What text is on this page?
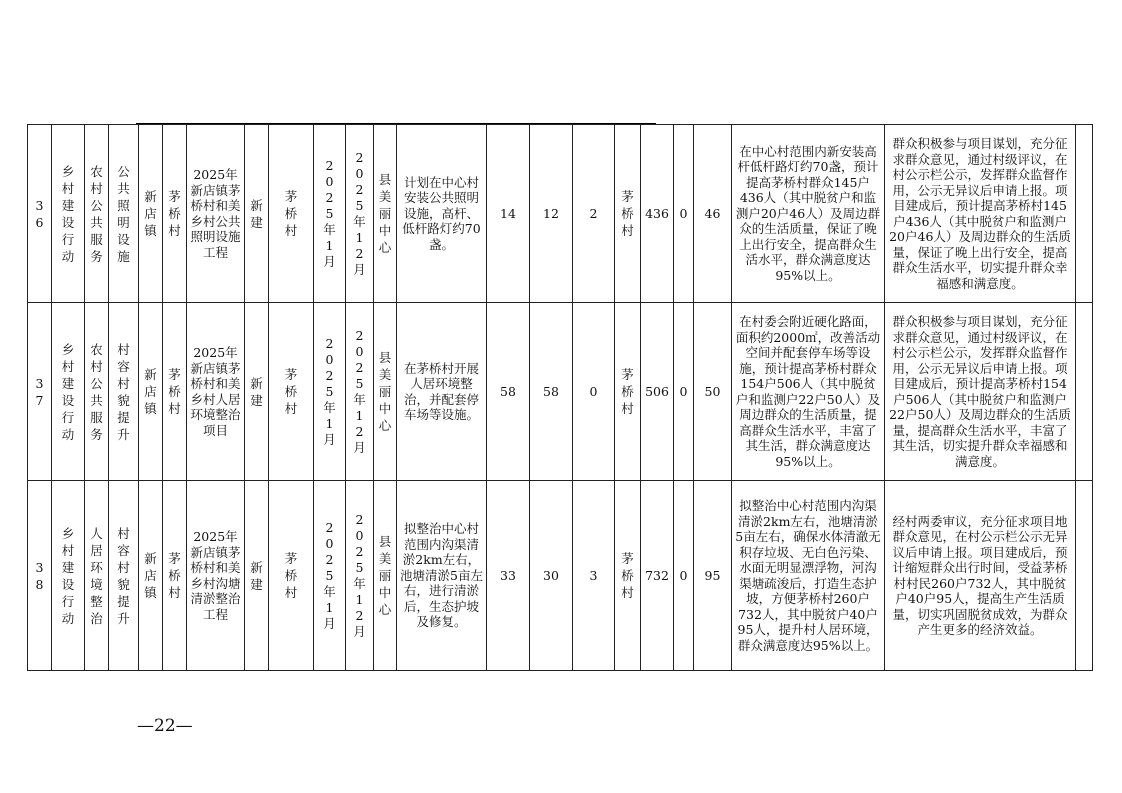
36	乡村建设行动	农村公共服务	公共照明设施	新店镇	茅桥村	2025年新店镇茅桥村和美乡村公共照明设施工程	新建	茅桥村	2025年1月	2025年12月	县美丽中心	计划在中心村安装公共照明设施，高杆、低杆路灯约70盏。	14	12	2	茅桥村	436	0	46	在中心村范围内新安装高杆低杆路灯约70盏，预计提高茅桥村群众145户436人（其中脱贫户和监测户20户46人）及周边群众的生活质量，保证了晚上出行安全，提高群众生活水平，群众满意度达95%以上。	群众积极参与项目谋划，充分征求群众意见，通过村级评议，在村公示栏公示，发挥群众监督作用，公示无异议后申请上报。项目建成后，预计提高茅桥村145户436人（其中脱贫户和监测户20户46人）及周边群众的生活质量，保证了晚上出行安全，提高群众生活水平，切实提升群众幸福感和满意度。	

37	乡村建设行动	农村公共服务	村容村貌提升	新店镇	茅桥村	2025年新店镇茅桥村和美乡村人居环境整治项目	新建	茅桥村	2025年1月	2025年12月	县美丽中心	在茅桥村开展人居环境整治，并配套停车场等设施。	58	58	0	茅桥村	506	0	50	在村委会附近硬化路面，面积约2000㎡，改善活动空间并配套停车场等设施，预计提高茅桥村群众154户506人（其中脱贫户和监测户22户50人）及周边群众的生活质量，提高群众生活水平，丰富了其生活，群众满意度达95%以上。	群众积极参与项目谋划，充分征求群众意见，通过村级评议，在村公示栏公示，发挥群众监督作用，公示无异议后申请上报。项目建成后，预计提高茅桥村154户506人（其中脱贫户和监测户22户50人）及周边群众的生活质量，提高群众生活水平，丰富了其生活，切实提升群众幸福感和满意度。	

38	乡村建设行动	人居环境整治	村容村貌提升	新店镇	茅桥村	2025年新店镇茅桥村和美乡村沟塘清淤整治工程	新建	茅桥村	2025年1月	2025年12月	县美丽中心	拟整治中心村范围内沟渠清淤2km左右，池塘清淤5亩左右，进行清淤后，生态护坡及修复。	33	30	3	茅桥村	732	0	95	拟整治中心村范围内沟渠清淤2km左右，池塘清淤5亩左右，确保水体清澈无积存垃圾、无白色污染、水面无明显漂浮物，河沟渠塘疏浚后，打造生态护坡，方便茅桥村260户732人，其中脱贫户40户95人，提升村人居环境，群众满意度达95%以上。	经村两委审议，充分征求项目地群众意见，在村公示栏公示无异议后申请上报。项目建成后，预计缩短群众出行时间，受益茅桥村村民260户732人，其中脱贫户40户95人，提高生产生活质量，切实巩固脱贫成效，为群众产生更多的经济效益。	

—22—
